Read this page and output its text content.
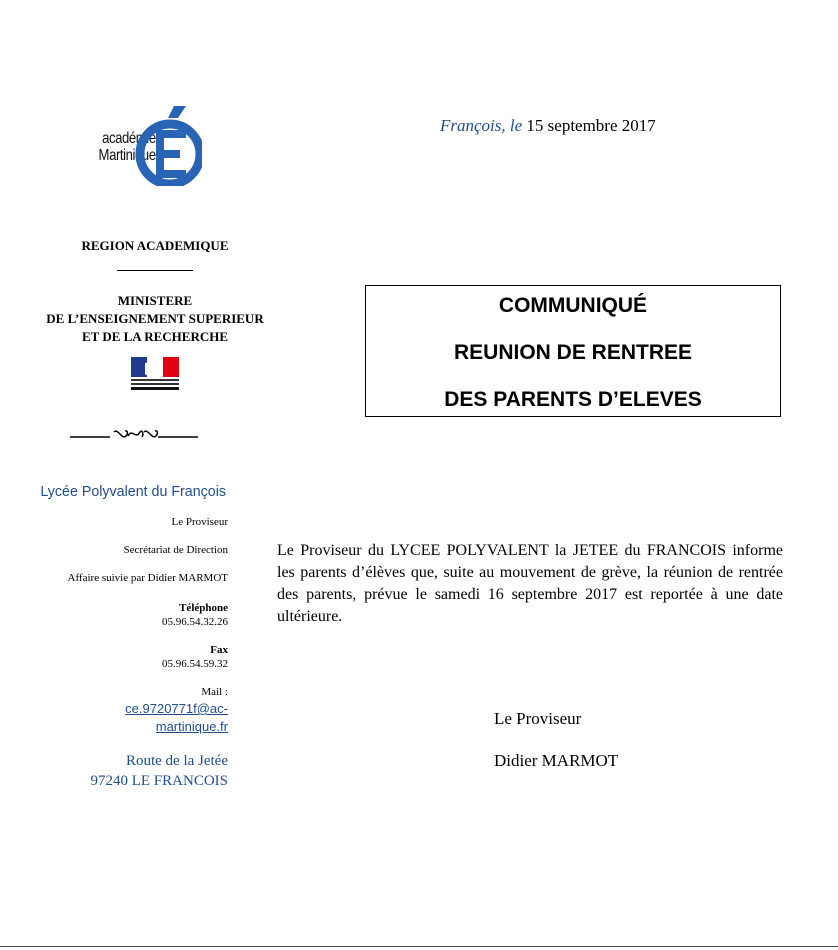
académie
Martinique
François, le 15 septembre 2017
REGION ACADEMIQUE
MINISTERE
DE L’ENSEIGNEMENT SUPERIEUR
ET DE LA RECHERCHE
Lycée Polyvalent du François
Le Proviseur
Secrétariat de Direction
Affaire suivie par Didier MARMOT
Téléphone
05.96.54.32.26
Fax
05.96.54.59.32
Mail :
ce.9720771f@ac-
martinique.fr
Route de la Jetée
97240 LE FRANCOIS
COMMUNIQUÉ
REUNION DE RENTREE
DES PARENTS D’ELEVES
Le Proviseur du LYCEE POLYVALENT la JETEE du FRANCOIS informe les parents d’élèves que, suite au mouvement de grève, la réunion de rentrée des parents, prévue le samedi 16 septembre 2017 est reportée à une date ultérieure.
Le Proviseur
Didier MARMOT
